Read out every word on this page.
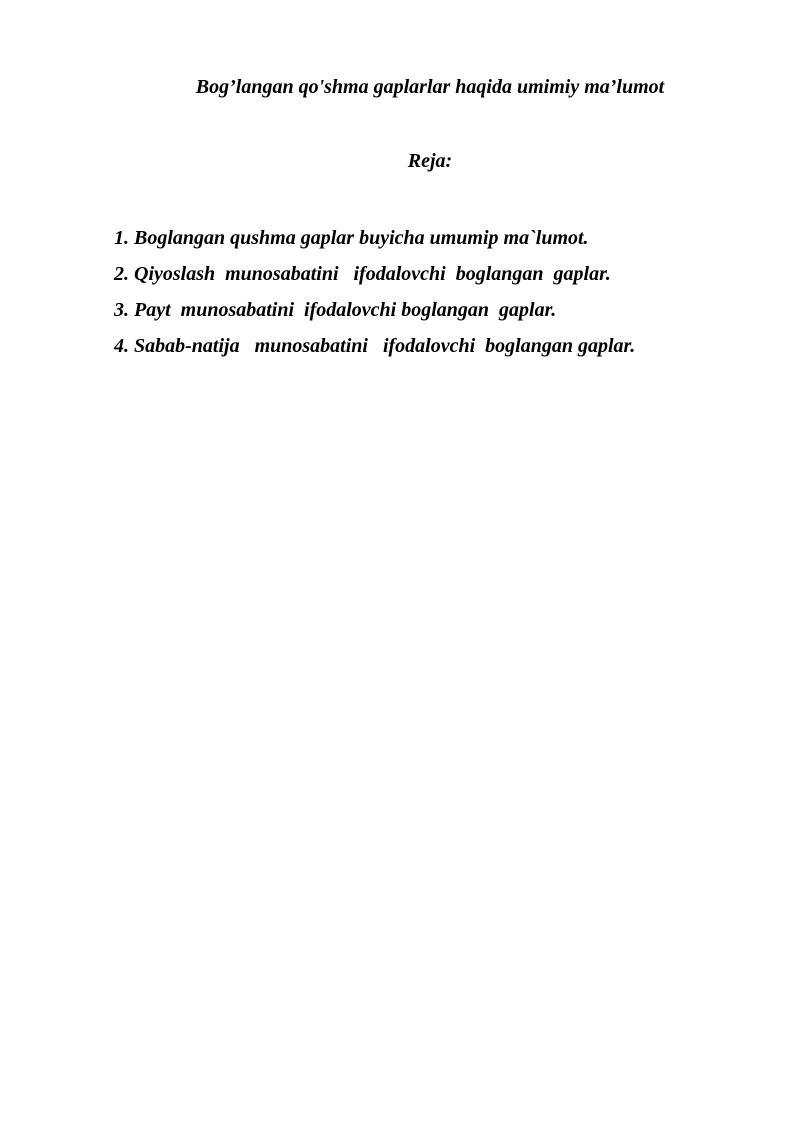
Bog’langan qo'shma gaplarlar haqida umimiy ma’lumot
Reja:
1. Boglangan qushma gaplar buyicha umumip ma`lumot.
2. Qiyoslash  munosabatini   ifodalovchi  boglangan  gaplar.
3. Payt  munosabatini  ifodalovchi boglangan  gaplar.
4. Sabab-natija   munosabatini   ifodalovchi  boglangan gaplar.
